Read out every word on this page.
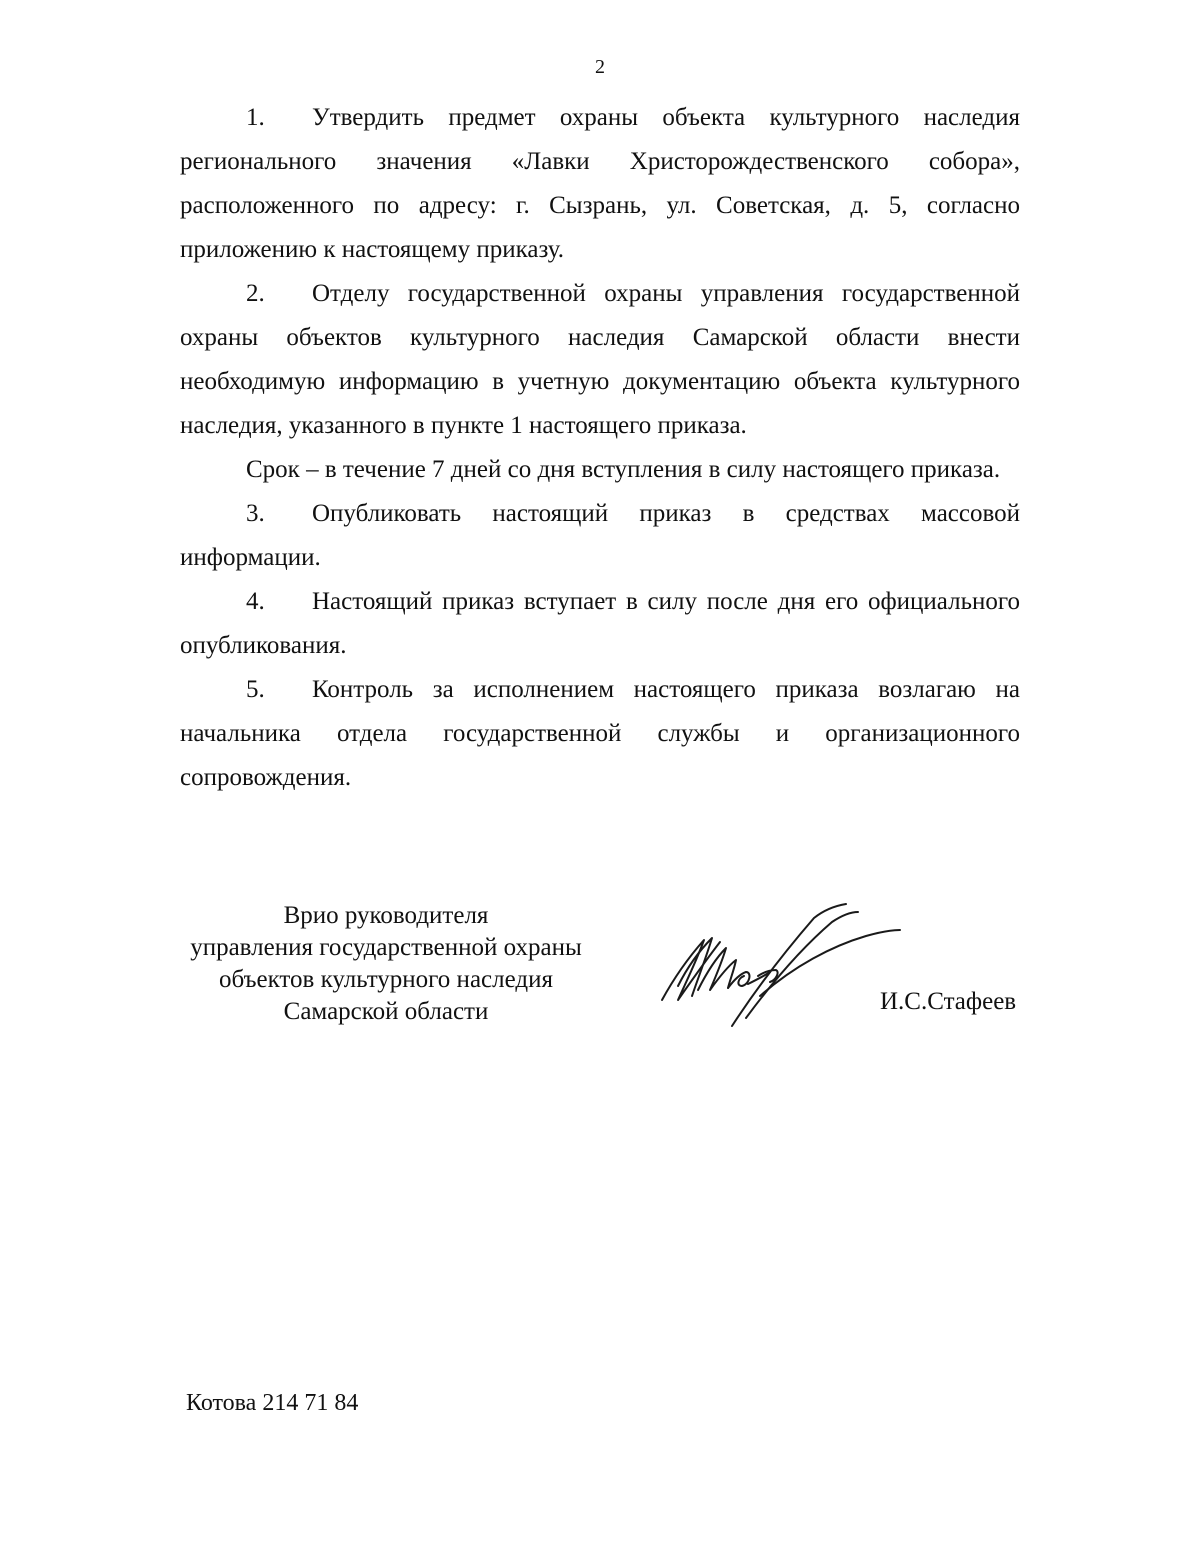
2

1. Утвердить предмет охраны объекта культурного наследия регионального значения «Лавки Христорождественского собора», расположенного по адресу: г. Сызрань, ул. Советская, д. 5, согласно приложению к настоящему приказу.

2. Отделу государственной охраны управления государственной охраны объектов культурного наследия Самарской области внести необходимую информацию в учетную документацию объекта культурного наследия, указанного в пункте 1 настоящего приказа.

Срок – в течение 7 дней со дня вступления в силу настоящего приказа.

3. Опубликовать настоящий приказ в средствах массовой информации.

4. Настоящий приказ вступает в силу после дня его официального опубликования.

5. Контроль за исполнением настоящего приказа возлагаю на начальника отдела государственной службы и организационного сопровождения.

Врио руководителя
управления государственной охраны
объектов культурного наследия
Самарской области	И.С.Стафеев
Котова 214 71 84
